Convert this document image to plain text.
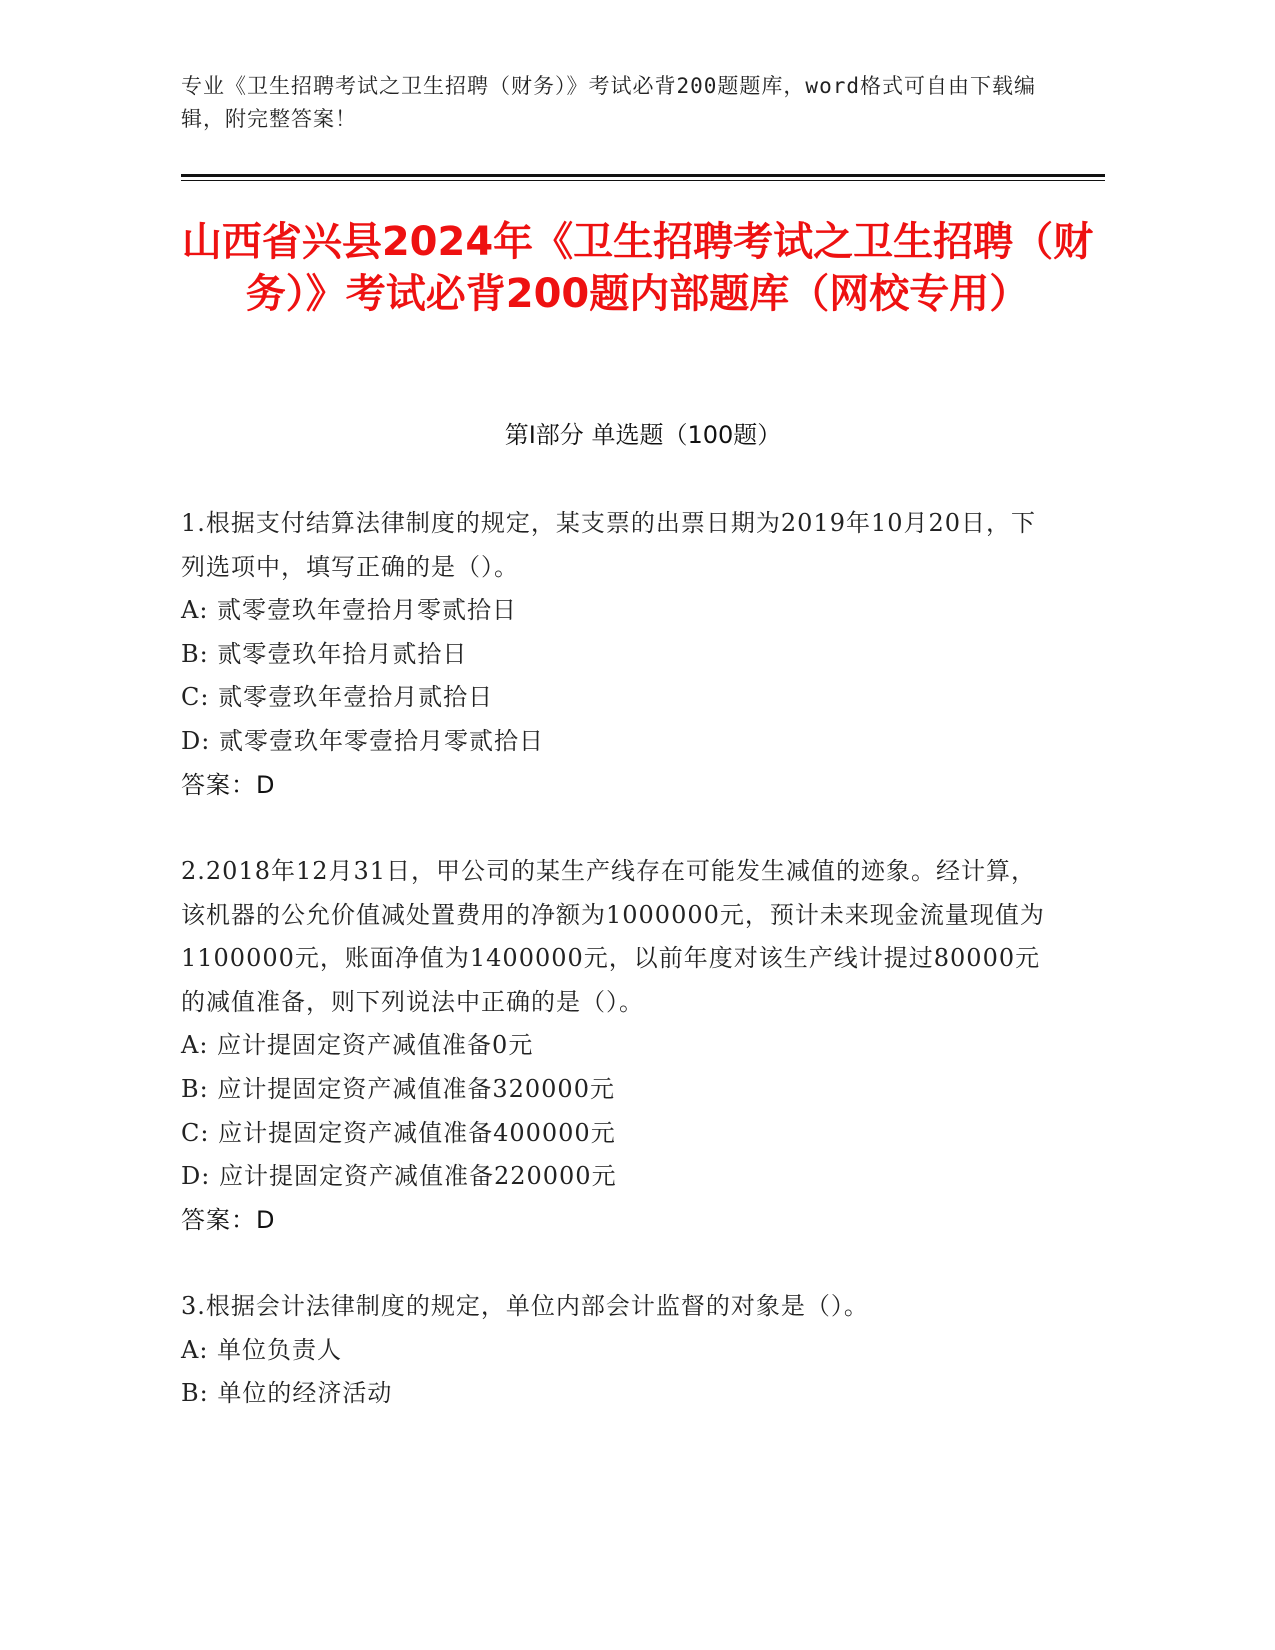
专业《卫生招聘考试之卫生招聘（财务）》考试必背200题题库，word格式可自由下载编辑，附完整答案！
山西省兴县2024年《卫生招聘考试之卫生招聘（财务）》考试必背200题内部题库（网校专用）
第I部分 单选题（100题）
1.根据支付结算法律制度的规定，某支票的出票日期为2019年10月20日，下列选项中，填写正确的是（）。
A: 贰零壹玖年壹拾月零贰拾日
B: 贰零壹玖年拾月贰拾日
C: 贰零壹玖年壹拾月贰拾日
D: 贰零壹玖年零壹拾月零贰拾日
答案：D
2.2018年12月31日，甲公司的某生产线存在可能发生减值的迹象。经计算，该机器的公允价值减处置费用的净额为1000000元，预计未来现金流量现值为1100000元，账面净值为1400000元，以前年度对该生产线计提过80000元的减值准备，则下列说法中正确的是（）。
A: 应计提固定资产减值准备0元
B: 应计提固定资产减值准备320000元
C: 应计提固定资产减值准备400000元
D: 应计提固定资产减值准备220000元
答案：D
3.根据会计法律制度的规定，单位内部会计监督的对象是（）。
A: 单位负责人
B: 单位的经济活动
